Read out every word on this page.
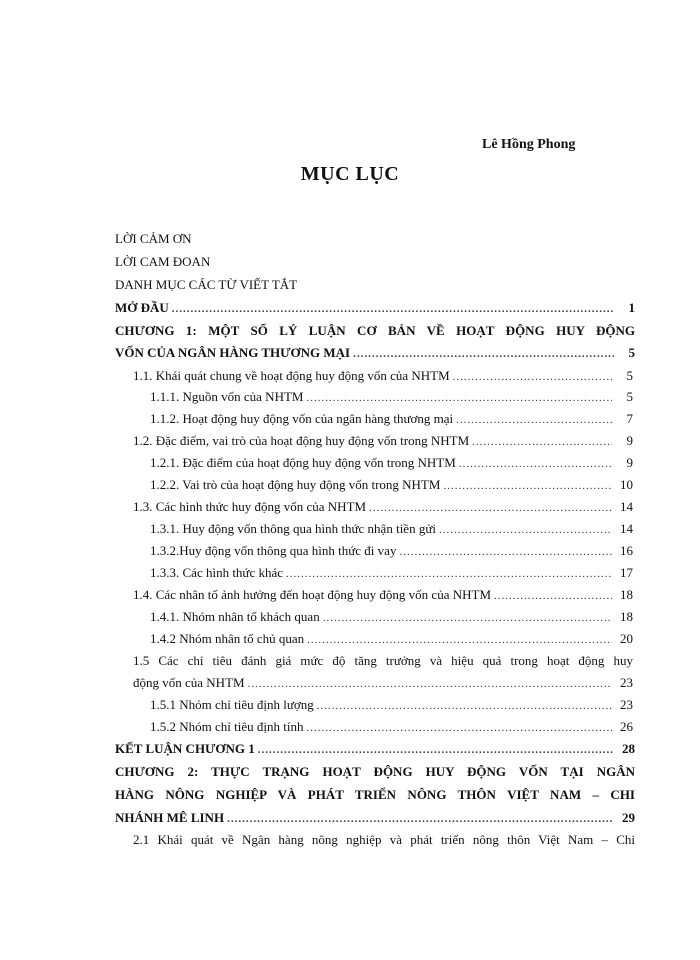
Lê Hồng Phong
MỤC LỤC
LỜI CẢM ƠN
LỜI CAM ĐOAN
DANH MỤC CÁC TỪ VIẾT TẮT
MỞ ĐẦU .....	1
CHƯƠNG 1: MỘT SỐ LÝ LUẬN CƠ BẢN VỀ HOẠT ĐỘNG HUY ĐỘNG
VỐN CỦA NGÂN HÀNG THƯƠNG MẠI .....	5
1.1. Khái quát chung về hoạt động huy động vốn của NHTM .....	5
1.1.1. Nguồn vốn của NHTM .....	5
1.1.2. Hoạt động huy động vốn của ngân hàng thương mại .....	7
1.2. Đặc điểm, vai trò của hoạt động huy động vốn trong NHTM .....	9
1.2.1. Đặc điểm của hoạt động huy động vốn trong NHTM .....	9
1.2.2. Vai trò của hoạt động huy động vốn trong NHTM .....	10
1.3. Các hình thức huy động vốn của NHTM .....	14
1.3.1. Huy động vốn thông qua hình thức nhận tiền gửi .....	14
1.3.2.Huy động vốn thông qua hình thức đi vay .....	16
1.3.3. Các hình thức khác .....	17
1.4. Các nhân tố ảnh hưởng đến hoạt động huy động vốn của NHTM .....	18
1.4.1. Nhóm nhân tố khách quan .....	18
1.4.2 Nhóm nhân tố chủ quan .....	20
1.5 Các chỉ tiêu đánh giá mức độ tăng trưởng và hiệu quả trong hoạt động huy
động vốn của NHTM .....	23
1.5.1 Nhóm chỉ tiêu định lượng .....	23
1.5.2 Nhóm chỉ tiêu định tính .....	26
KẾT LUẬN CHƯƠNG 1 .....	28
CHƯƠNG 2: THỰC TRẠNG HOẠT ĐỘNG HUY ĐỘNG VỐN TẠI NGÂN
HÀNG NÔNG NGHIỆP VÀ PHÁT TRIỂN NÔNG THÔN VIỆT NAM – CHI
NHÁNH MÊ LINH .....	29
2.1 Khái quát về Ngân hàng nông nghiệp và phát triển nông thôn Việt Nam – Chi
